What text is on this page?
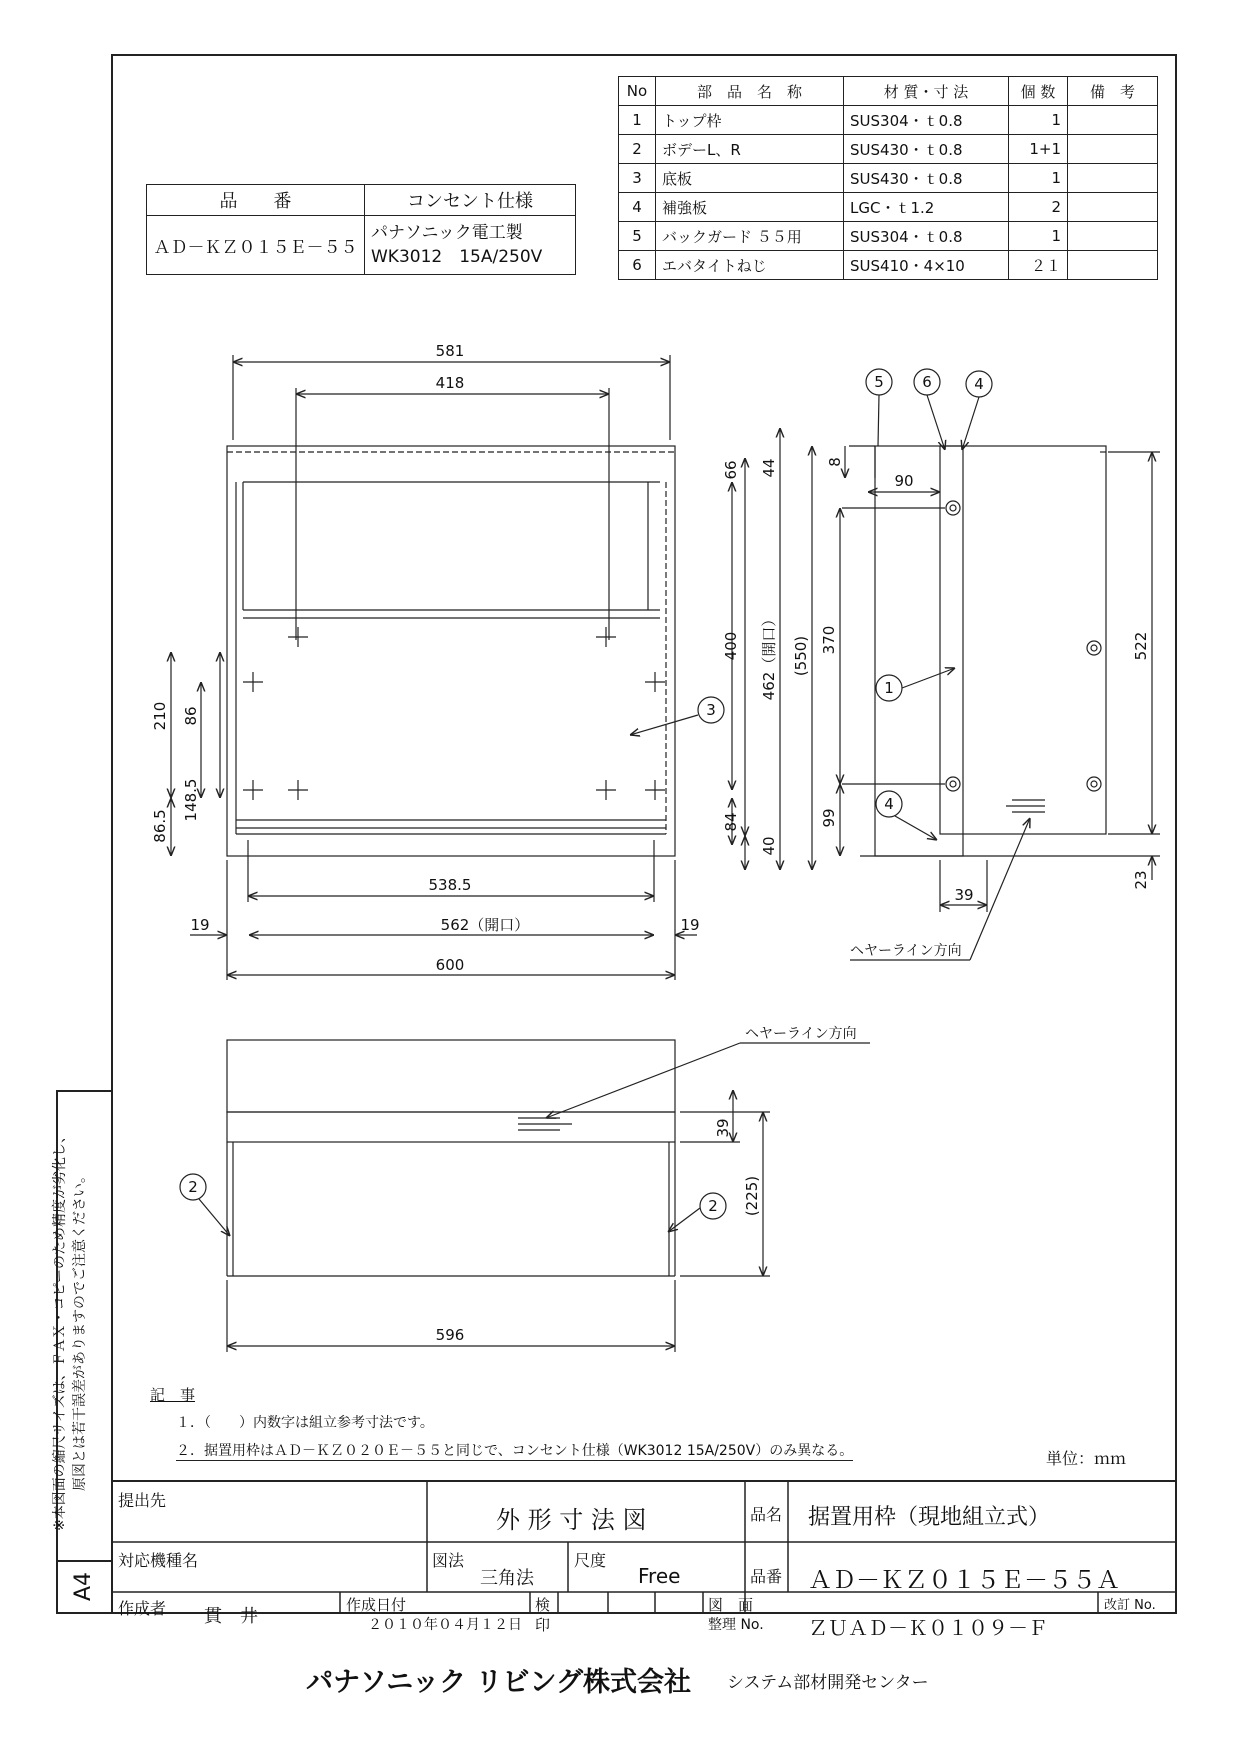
A4
※本図面の縮尺サイズは、ＦＡＸ・コピーのため精度が劣化し、 原図とは若干誤差がありますのでご注意ください。
No	部　品　名　称	材 質・寸 法	個 数	備　考
1	トップ枠	SUS304・ｔ0.8	1	
2	ボデーL、R	SUS430・ｔ0.8	1+1	
3	底板	SUS430・ｔ0.8	1	
4	補強板	LGC・ｔ1.2	2	
5	バックガード ５５用	SUS304・ｔ0.8	1	
6	エバタイトねじ	SUS410・4×10	２１	
品　　番	コンセント仕様
ＡＤ－ＫＺ０１５Ｅ－５５	パナソニック電工製
WK3012　15A/250V
581
418
538.5
562（開口）
19	19
600
66 44
400 462（開口）
84
40
210 86
148.5
86.5
8
90
(550) 370	522
99
39
23
ヘヤーライン方向
39
(225)
596
ヘヤーライン方向
5	6	4
1
4
3
2
2
記　事
１．（　　）内数字は組立参考寸法です。
２．据置用枠はＡＤ－ＫＺ０２０Ｅ－５５と同じで、コンセント仕様（WK3012 15A/250V）のみ異なる。	単位：ｍｍ
提出先
外 形 寸 法 図	品名 据置用枠（現地組立式）
対応機種名	図法
三角法
尺度
Free	品番 ＡＤ－ＫＺ０１５Ｅ－５５Ａ
作成者 貫　井
作成日付
２０１０年０４月１２日
検
印
図　面
整理 No. ＺＵＡＤ－Ｋ０１０９－Ｆ
改訂 No.
パナソニック リビング株式会社 システム部材開発センター
